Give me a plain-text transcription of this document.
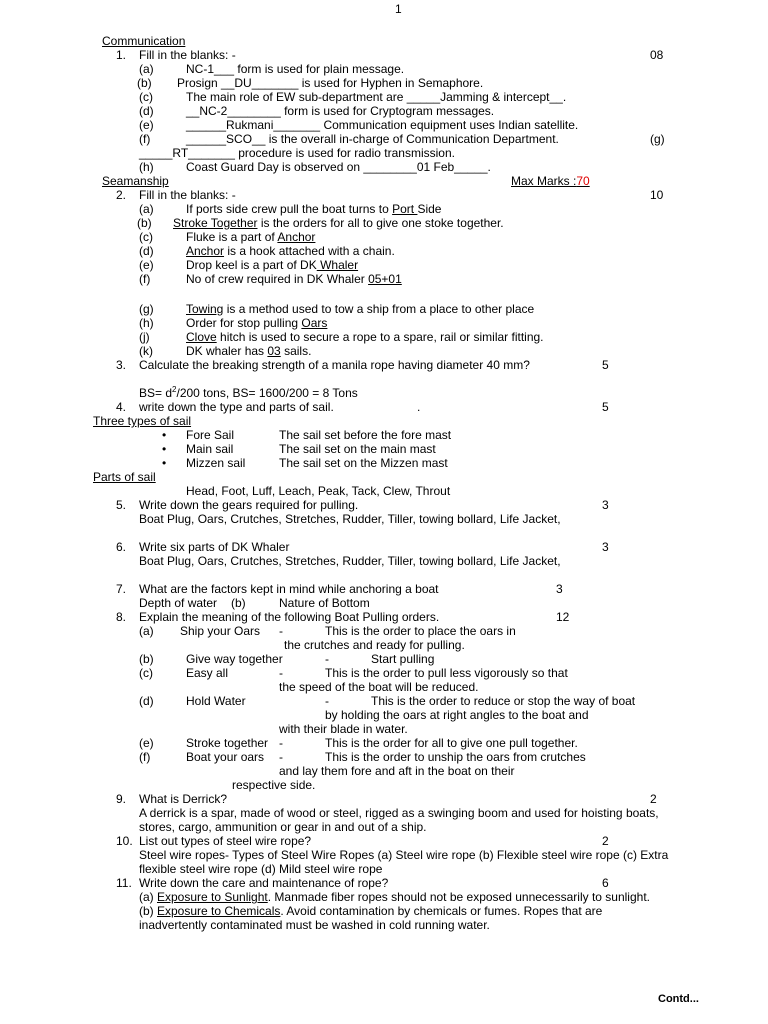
1
Communication
1. Fill in the blanks: -	08
(a)	NC-1___ form is used for plain message.
(b) Prosign __DU_______ is used for Hyphen in Semaphore.
(c)	The main role of EW sub-department are _____Jamming & intercept__.
(d)	__NC-2________ form is used for Cryptogram messages.
(e)	______Rukmani_______ Communication equipment uses Indian satellite.
(f)	______SCO__ is the overall in-charge of Communication Department.	(g)
_____RT_______ procedure is used for radio transmission.
(h)	Coast Guard Day is observed on ________01 Feb_____.
Seamanship	Max Marks :70
2. Fill in the blanks: -	10
(a)	If ports side crew pull the boat turns to Port Side
(b) Stroke Together is the orders for all to give one stoke together.
(c)	Fluke is a part of Anchor
(d)	Anchor is a hook attached with a chain.
(e)	Drop keel is a part of DK Whaler
(f)	No of crew required in DK Whaler 05+01
(g)	Towing is a method used to tow a ship from a place to other place
(h)	Order for stop pulling Oars
(j)	Clove hitch is used to secure a rope to a spare, rail or similar fitting.
(k)	DK whaler has 03 sails.
3. Calculate the breaking strength of a manila rope having diameter 40 mm?	5
$BS= d^2/200$ tons, BS= 1600/200 = 8 Tons
4. write down the type and parts of sail.	.	5
Three types of sail
• Fore Sail	The sail set before the fore mast
• Main sail	The sail set on the main mast
• Mizzen sail	The sail set on the Mizzen mast
Parts of sail
Head, Foot, Luff, Leach, Peak, Tack, Clew, Throut
5. Write down the gears required for pulling.	3
Boat Plug, Oars, Crutches, Stretches, Rudder, Tiller, towing bollard, Life Jacket,
6. Write six parts of DK Whaler	3
Boat Plug, Oars, Crutches, Stretches, Rudder, Tiller, towing bollard, Life Jacket,
7. What are the factors kept in mind while anchoring a boat	3
Depth of water (b)	Nature of Bottom
8. Explain the meaning of the following Boat Pulling orders.	12
(a) Ship your Oars -	This is the order to place the oars in
the crutches and ready for pulling.
(b)	Give way together	-	Start pulling
(c)	Easy all	-	This is the order to pull less vigorously so that
the speed of the boat will be reduced.
(d)	Hold Water	-	This is the order to reduce or stop the way of boat
by holding the oars at right angles to the boat and
with their blade in water.
(e)	Stroke together -	This is the order for all to give one pull together.
(f)	Boat your oars -	This is the order to unship the oars from crutches
and lay them fore and aft in the boat on their
respective side.
9. What is Derrick?	2
A derrick is a spar, made of wood or steel, rigged as a swinging boom and used for hoisting boats,
stores, cargo, ammunition or gear in and out of a ship.
10. List out types of steel wire rope?	2
Steel wire ropes- Types of Steel Wire Ropes (a) Steel wire rope (b) Flexible steel wire rope (c) Extra
flexible steel wire rope (d) Mild steel wire rope
11. Write down the care and maintenance of rope?	6
(a) Exposure to Sunlight. Manmade fiber ropes should not be exposed unnecessarily to sunlight.
(b) Exposure to Chemicals. Avoid contamination by chemicals or fumes. Ropes that are
inadvertently contaminated must be washed in cold running water.
Contd...
